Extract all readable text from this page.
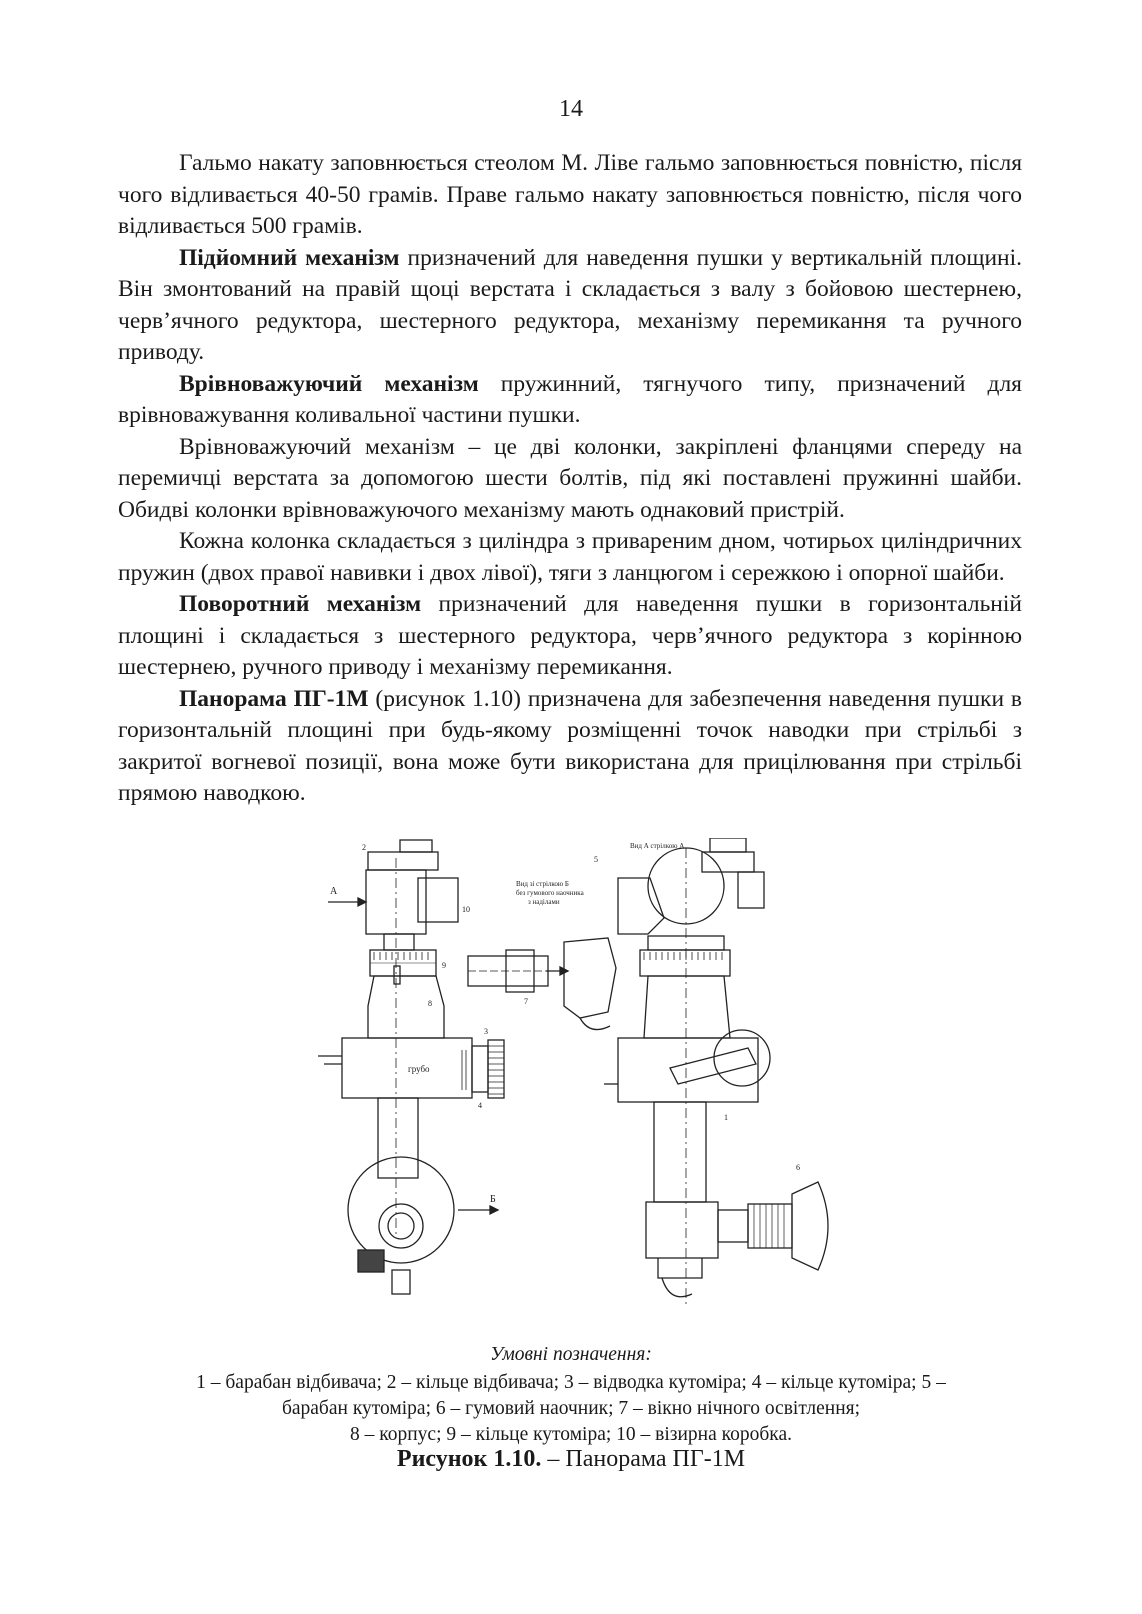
14

Гальмо накату заповнюється стеолом М. Ліве гальмо заповнюється повністю, після чого відливається 40-50 грамів. Праве гальмо накату заповнюється повністю, після чого відливається 500 грамів.

Підйомний механізм призначений для наведення пушки у вертикальній площині. Він змонтований на правій щоці верстата і складається з валу з бойовою шестернею, черв’ячного редуктора, шестерного редуктора, механізму перемикання та ручного приводу.

Врівноважуючий механізм пружинний, тягнучого типу, призначений для врівноважування коливальної частини пушки.

Врівноважуючий механізм – це дві колонки, закріплені фланцями спереду на перемичці верстата за допомогою шести болтів, під які поставлені пружинні шайби. Обидві колонки врівноважуючого механізму мають однаковий пристрій.

Кожна колонка складається з циліндра з привареним дном, чотирьох циліндричних пружин (двох правої навивки і двох лівої), тяги з ланцюгом і сережкою і опорної шайби.

Поворотний механізм призначений для наведення пушки в горизонтальній площині і складається з шестерного редуктора, черв’ячного редуктора з корінною шестернею, ручного приводу і механізму перемикання.

Панорама ПГ-1М (рисунок 1.10) призначена для забезпечення наведення пушки в горизонтальній площині при будь-якому розміщенні точок наводки при стрільбі з закритої вогневої позиції, вона може бути використана для прицілювання при стрільбі прямою наводкою.

грубо
А
Б
2
10
9
8
3
4
Вид А стрілкою А
Вид зі стрілкою Б
без гумового наочника
з наділами
6
1
7
5
Умовні позначення:
1 – барабан відбивача; 2 – кільце відбивача; 3 – відводка кутоміра; 4 – кільце кутоміра; 5 –
барабан кутоміра; 6 – гумовий наочник; 7 – вікно нічного освітлення;
8 – корпус; 9 – кільце кутоміра; 10 – візирна коробка.
Рисунок 1.10. – Панорама ПГ-1М
